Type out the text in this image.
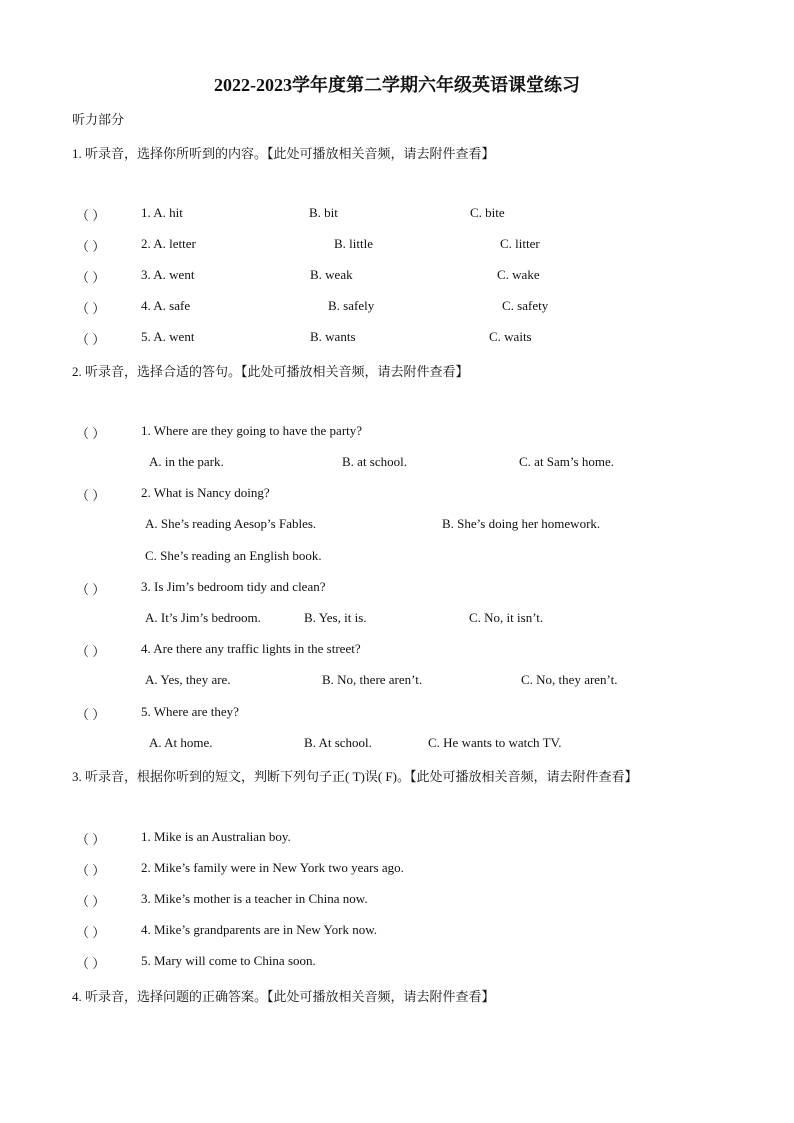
2022-2023学年度第二学期六年级英语课堂练习
听力部分
1. 听录音，选择你所听到的内容。【此处可播放相关音频，请去附件查看】
（ ）	1. A. hit	B. bit	C. bite
（ ）	2. A. letter	B. little	C. litter
（ ）	3. A. went	B. weak	C. wake
（ ）	4. A. safe	B. safely	C. safety
（ ）	5. A. went	B. wants	C. waits
2. 听录音，选择合适的答句。【此处可播放相关音频，请去附件查看】
（ ）	1. Where are they going to have the party?
A. in the park.	B. at school.	C. at Sam’s home.
（ ）	2. What is Nancy doing?
A. She’s reading Aesop’s Fables.	B. She’s doing her homework.
C. She’s reading an English book.
（ ）	3. Is Jim’s bedroom tidy and clean?
A. It’s Jim’s bedroom.	B. Yes, it is.	C. No, it isn’t.
（ ）	4. Are there any traffic lights in the street?
A. Yes, they are.	B. No, there aren’t.	C. No, they aren’t.
（ ）	5. Where are they?
A. At home.	B. At school.	C. He wants to watch TV.
3. 听录音，根据你听到的短文，判断下列句子正( T)误( F)。【此处可播放相关音频，请去附件查看】
（ ）	1. Mike is an Australian boy.
（ ）	2. Mike’s family were in New York two years ago.
（ ）	3. Mike’s mother is a teacher in China now.
（ ）	4. Mike’s grandparents are in New York now.
（ ）	5. Mary will come to China soon.
4. 听录音，选择问题的正确答案。【此处可播放相关音频，请去附件查看】
